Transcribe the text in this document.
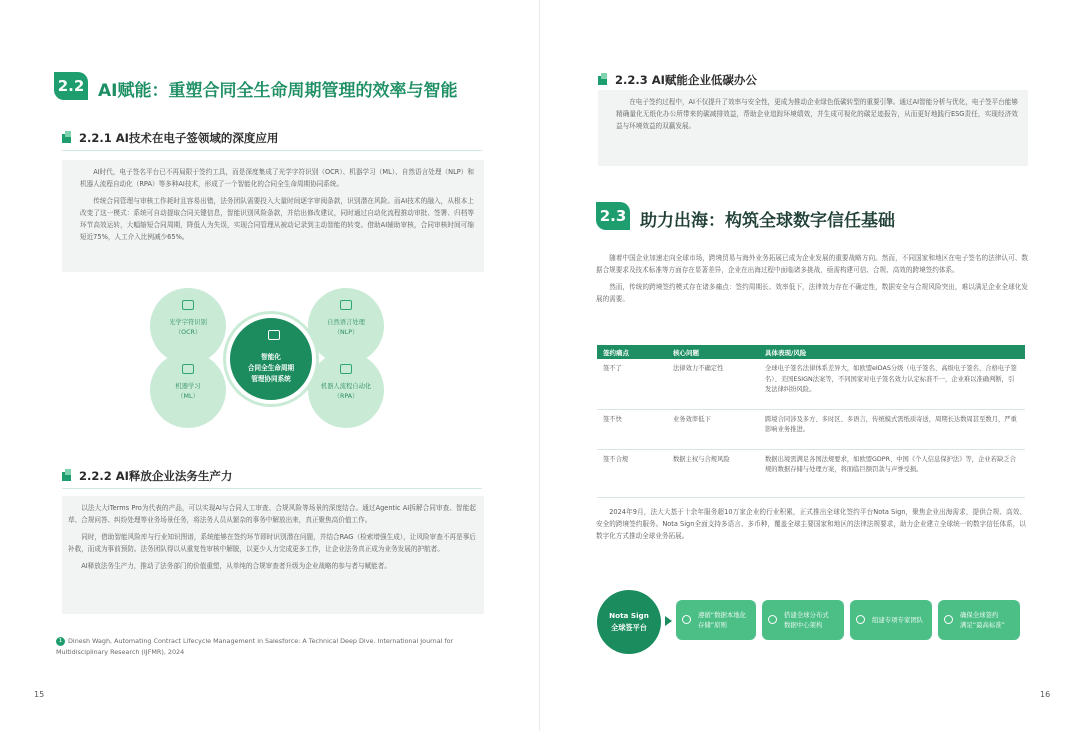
2.2 AI赋能：重塑合同全生命周期管理的效率与智能
2.2.1 AI技术在电子签领域的深度应用

AI时代，电子签名平台已不再局限于签约工具，而是深度集成了光学字符识别（OCR）、机器学习（ML）、自然语言处理（NLP）和机器人流程自动化（RPA）等多种AI技术，形成了一个智能化的合同全生命周期协同系统。

传统合同管理与审核工作耗时且容易出错，法务团队需要投入大量时间逐字审阅条款，识别潜在风险。而AI技术的融入，从根本上改变了这一模式：系统可自动提取合同关键信息，智能识别风险条款，并给出修改建议，同时通过自动化流程推动审批、签署、归档等环节高效运转，大幅缩短合同周期，降低人为失误，实现合同管理从被动记录到主动智能的转变。借助AI辅助审核，合同审核时间可缩短近75%，人工介入比例减少65%。

光学字符识别
（OCR）
自然语言处理
（NLP）
机器学习
（ML）
机器人流程自动化
（RPA）
智能化
合同全生命周期
管理协同系统
2.2.2 AI释放企业法务生产力

以法大大iTerms Pro为代表的产品，可以实现AI与合同人工审查、合规风险等场景的深度结合。通过Agentic AI拆解合同审查、智能起草、合规问答、纠纷处理等业务场景任务，将法务人员从繁杂的事务中解放出来，真正聚焦高价值工作。

同时，借助智能风险库与行业知识图谱，系统能够在签约环节即时识别潜在问题，并结合RAG（检索增强生成），让风险审查不再是事后补救，而成为事前预防。法务团队得以从重复性审核中解脱，以更少人力完成更多工作，让企业法务真正成为业务发展的护航者。

AI释放法务生产力，推动了法务部门的价值重塑，从单纯的合规审查者升级为企业战略的参与者与赋能者。

1 Dinesh Wagh, Automating Contract Lifecycle Management in Salesforce: A Technical Deep Dive. International Journal for Multidisciplinary Research (IJFMR), 2024
15
2.2.3 AI赋能企业低碳办公

在电子签约过程中，AI不仅提升了效率与安全性，更成为推动企业绿色低碳转型的重要引擎。通过AI智能分析与优化，电子签平台能够精确量化无纸化办公所带来的碳减排效益，帮助企业追踪环境绩效，并生成可视化的碳足迹报告，从而更好地践行ESG责任，实现经济效益与环境效益的双赢发展。

2.3 助力出海：构筑全球数字信任基础

随着中国企业加速走向全球市场，跨境贸易与海外业务拓展已成为企业发展的重要战略方向。然而，不同国家和地区在电子签名的法律认可、数据合规要求及技术标准等方面存在显著差异，企业在出海过程中面临诸多挑战，亟需构建可信、合规、高效的跨境签约体系。

然而，传统的跨境签约模式存在诸多痛点：签约周期长、效率低下，法律效力存在不确定性，数据安全与合规风险突出，难以满足企业全球化发展的需要。

签约痛点	核心问题	具体表现/风险
签不了	法律效力不确定性	全球电子签名法律体系差异大，如欧盟eIDAS分级（电子签名、高级电子签名、合格电子签名）、美国ESIGN法案等，不同国家对电子签名效力认定标准不一，企业难以准确判断，引发法律纠纷风险。
签不快	业务效率低下	跨境合同涉及多方、多时区、多语言，传统模式需纸质寄送，周期长达数周甚至数月，严重影响业务推进。
签不合规	数据主权与合规风险	数据出境需满足各国法规要求，如欧盟GDPR、中国《个人信息保护法》等，企业若缺乏合规的数据存储与处理方案，将面临巨额罚款与声誉受损。

2024年9月，法大大基于十余年服务超10万家企业的行业积累，正式推出全球化签约平台Nota Sign，聚焦企业出海需求，提供合规、高效、安全的跨境签约服务。Nota Sign全面支持多语言、多币种，覆盖全球主要国家和地区的法律法规要求，助力企业建立全球统一的数字信任体系，以数字化方式推动全球业务拓展。

Nota Sign
全球签平台
遵循“数据本地化
存储”原则
搭建全球分布式
数据中心架构
组建专项专家团队
确保全球签约
满足“最高标准”
16
